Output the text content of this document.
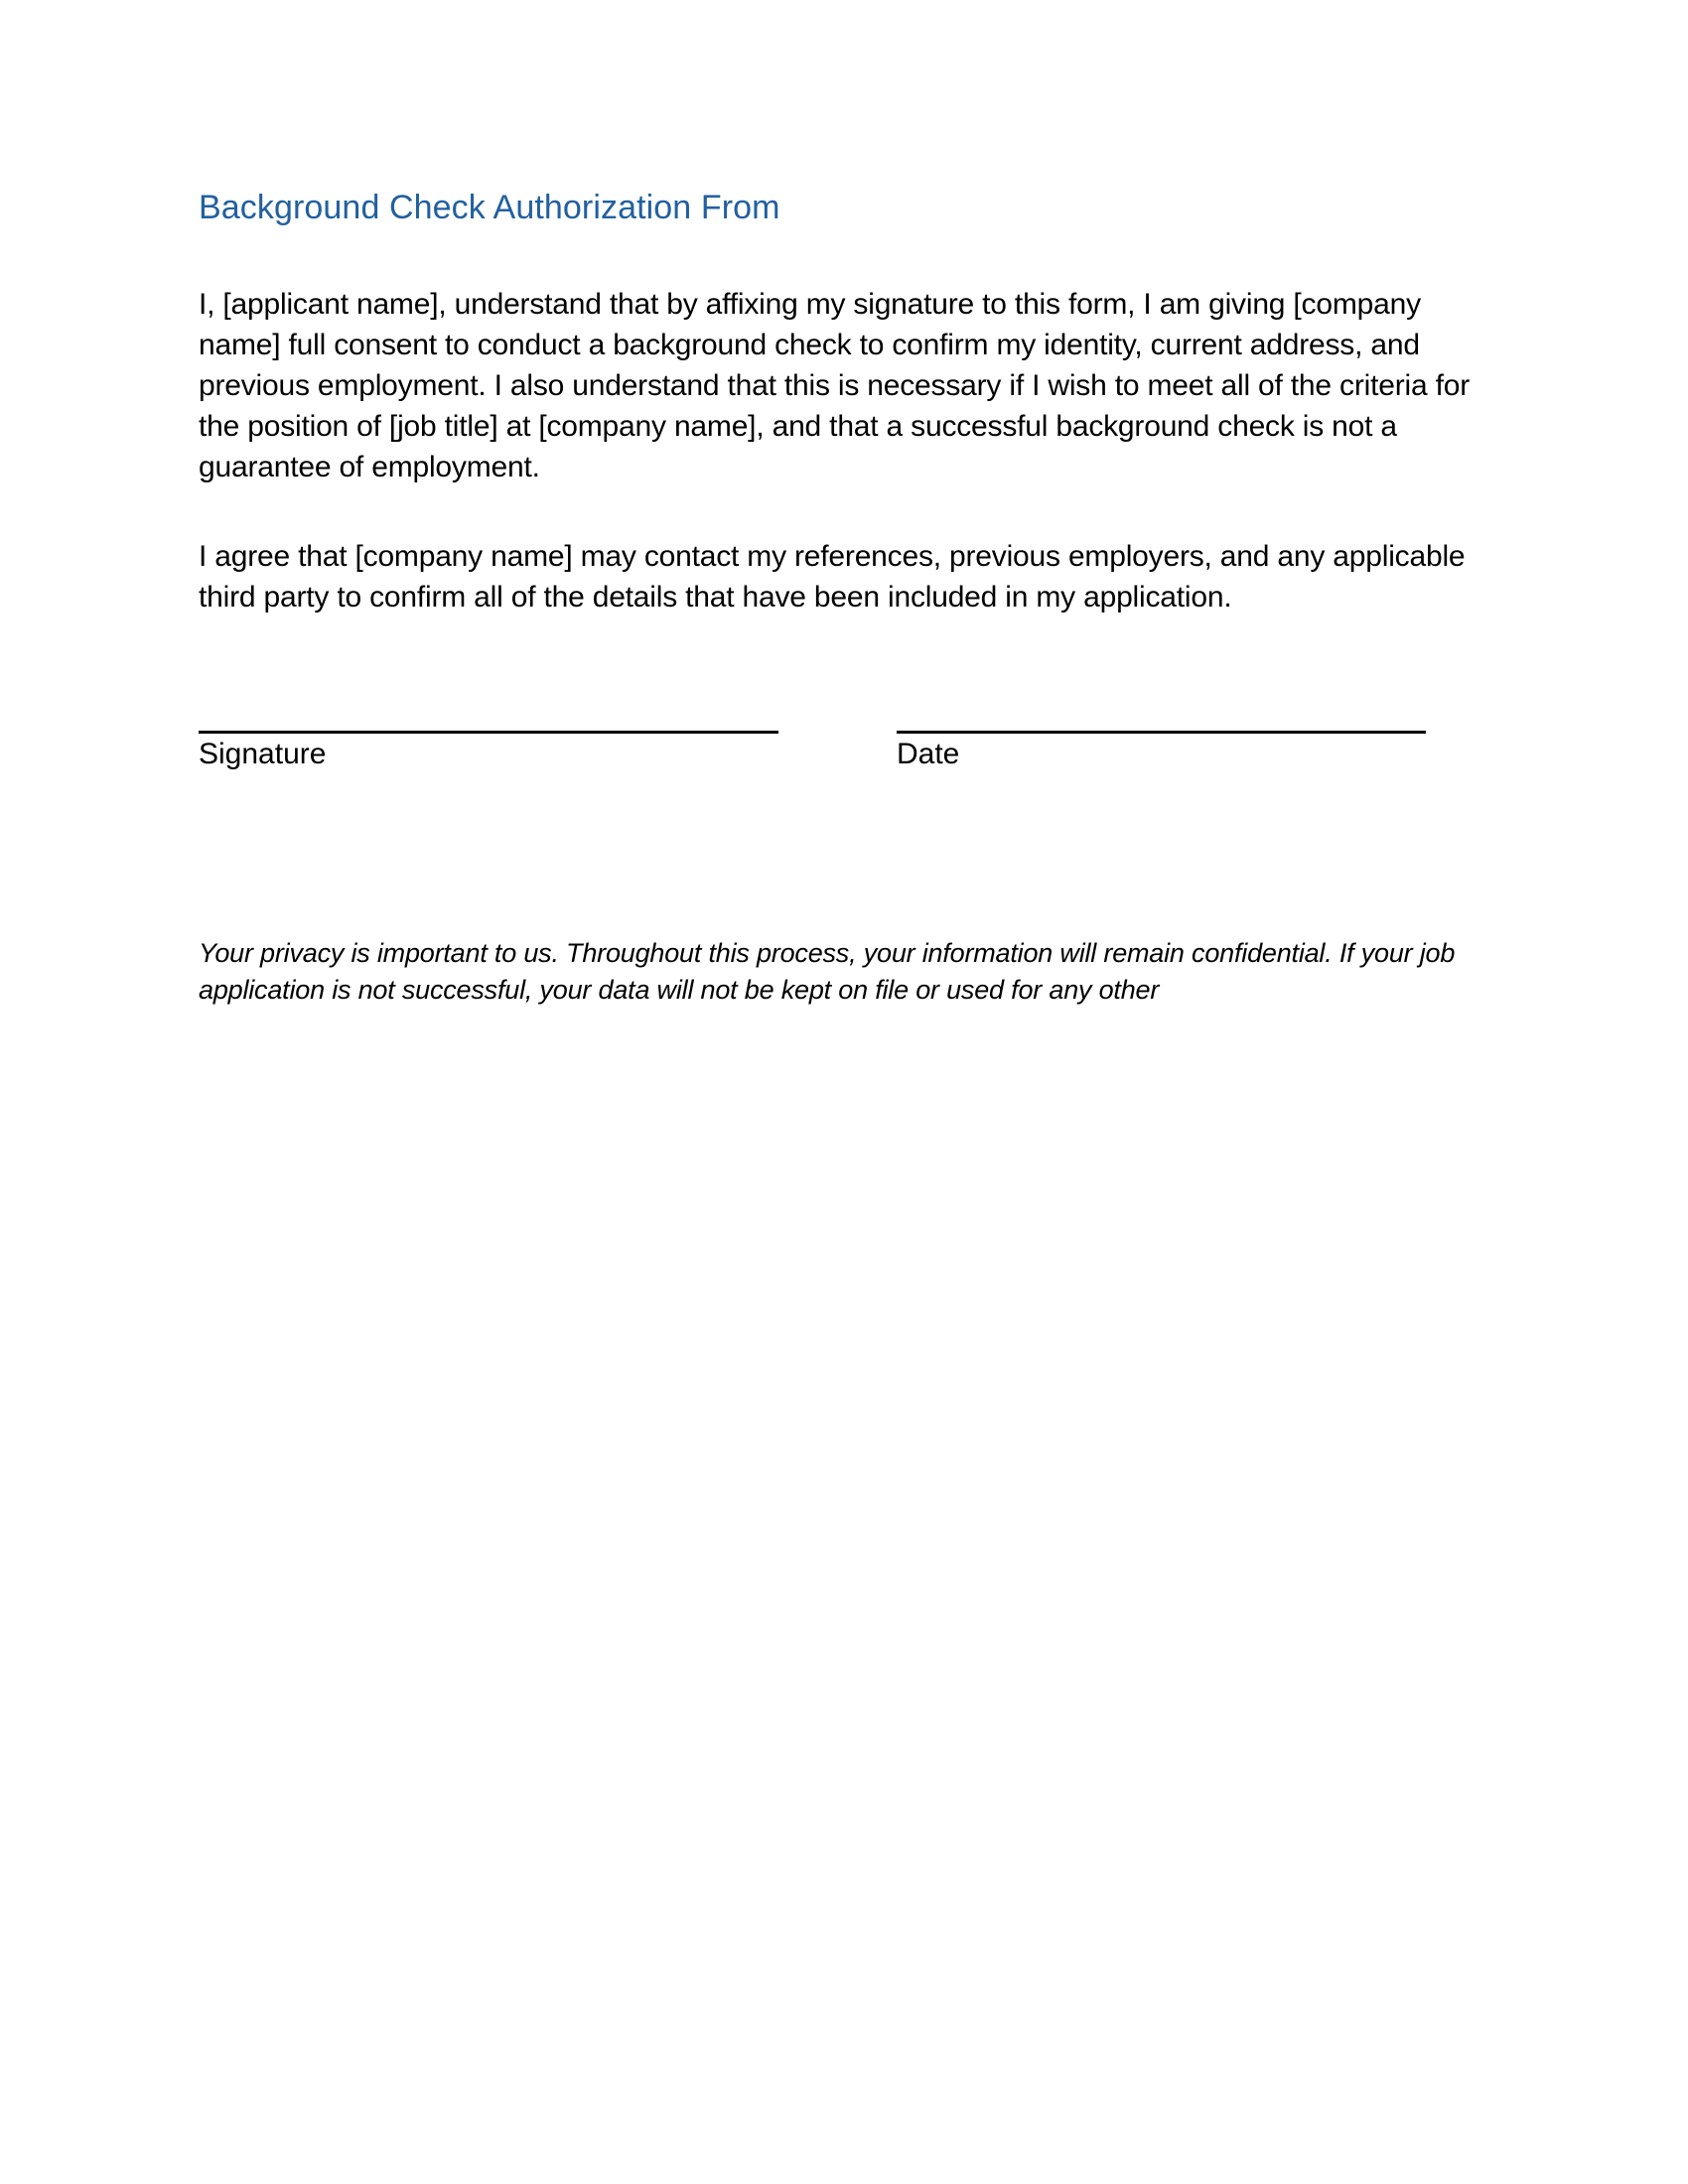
Background Check Authorization From

I, [applicant name], understand that by affixing my signature to this form, I am giving [company name] full consent to conduct a background check to confirm my identity, current address, and previous employment. I also understand that this is necessary if I wish to meet all of the criteria for the position of [job title] at [company name], and that a successful background check is not a guarantee of employment.

I agree that [company name] may contact my references, previous employers, and any applicable third party to confirm all of the details that have been included in my application.

Signature	Date

Your privacy is important to us. Throughout this process, your information will remain confidential. If your job application is not successful, your data will not be kept on file or used for any other
